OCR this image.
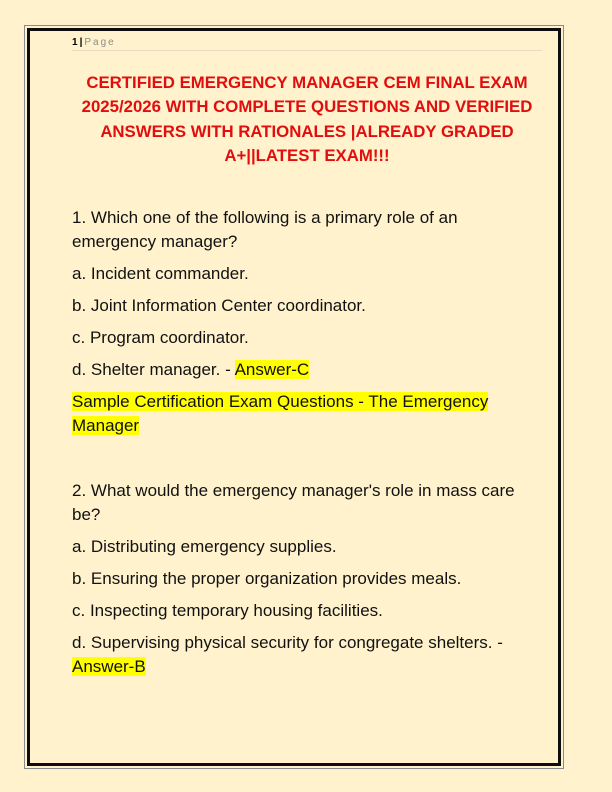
1 | Page
CERTIFIED EMERGENCY MANAGER CEM FINAL EXAM 2025/2026 WITH COMPLETE QUESTIONS AND VERIFIED ANSWERS WITH RATIONALES |ALREADY GRADED A+||LATEST EXAM!!!

1. Which one of the following is a primary role of an emergency manager?

a. Incident commander.

b. Joint Information Center coordinator.

c. Program coordinator.

d. Shelter manager. - Answer-C

Sample Certification Exam Questions - The Emergency Manager

2. What would the emergency manager's role in mass care be?

a. Distributing emergency supplies.

b. Ensuring the proper organization provides meals.

c. Inspecting temporary housing facilities.

d. Supervising physical security for congregate shelters. - Answer-B
